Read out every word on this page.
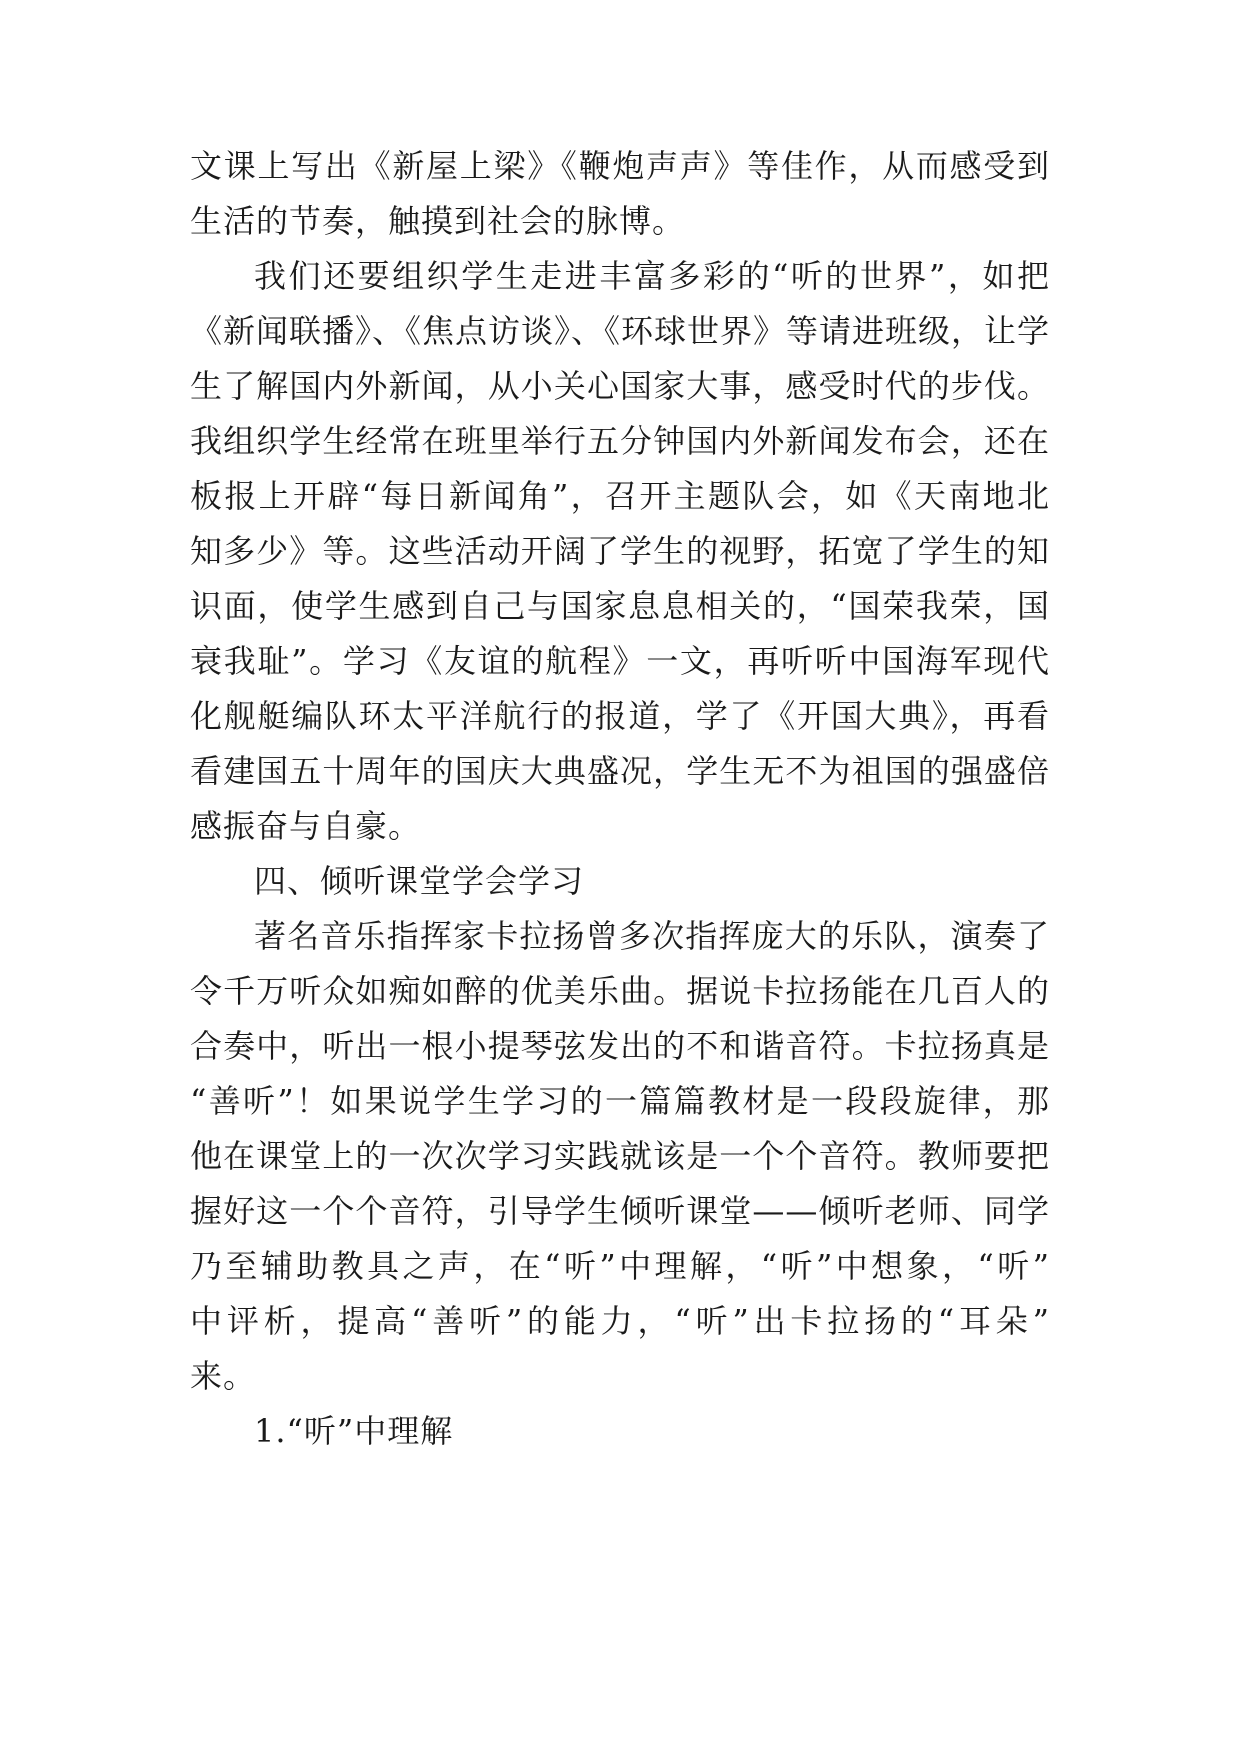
文课上写出《新屋上梁》《鞭炮声声》等佳作，从而感受到
生活的节奏，触摸到社会的脉博。
我们还要组织学生走进丰富多彩的“听的世界”，如把
《新闻联播》、《焦点访谈》、《环球世界》等请进班级，让学
生了解国内外新闻，从小关心国家大事，感受时代的步伐。
我组织学生经常在班里举行五分钟国内外新闻发布会，还在
板报上开辟“每日新闻角”，召开主题队会，如《天南地北
知多少》等。这些活动开阔了学生的视野，拓宽了学生的知
识面，使学生感到自己与国家息息相关的，“国荣我荣，国
衰我耻”。学习《友谊的航程》一文，再听听中国海军现代
化舰艇编队环太平洋航行的报道，学了《开国大典》，再看
看建国五十周年的国庆大典盛况，学生无不为祖国的强盛倍
感振奋与自豪。
四、倾听课堂学会学习
著名音乐指挥家卡拉扬曾多次指挥庞大的乐队，演奏了
令千万听众如痴如醉的优美乐曲。据说卡拉扬能在几百人的
合奏中，听出一根小提琴弦发出的不和谐音符。卡拉扬真是
“善听”！如果说学生学习的一篇篇教材是一段段旋律，那
他在课堂上的一次次学习实践就该是一个个音符。教师要把
握好这一个个音符，引导学生倾听课堂——倾听老师、同学
乃至辅助教具之声，在“听”中理解，“听”中想象，“听”
中评析，提高“善听”的能力，“听”出卡拉扬的“耳朵”
来。
1.“听”中理解
